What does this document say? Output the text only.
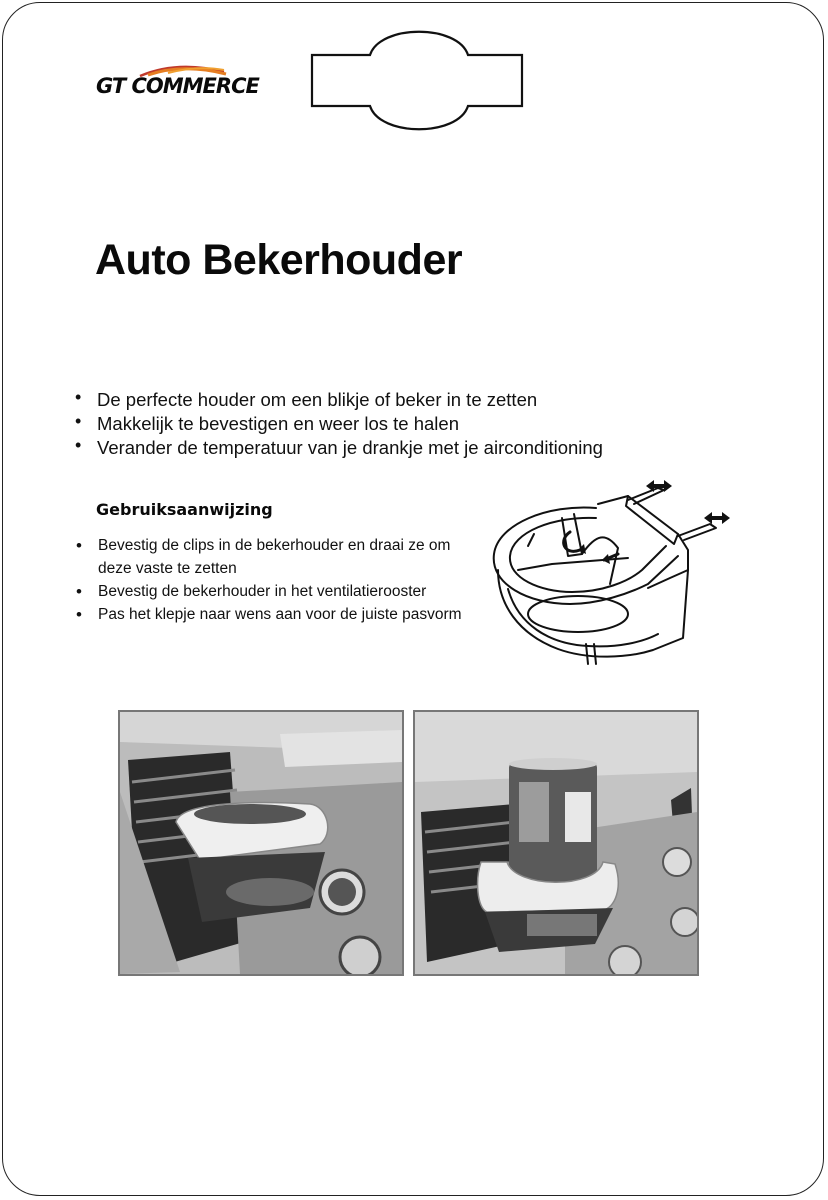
GT COMMERCE
Auto Bekerhouder
• De perfecte houder om een blikje of beker in te zetten
• Makkelijk te bevestigen en weer los te halen
• Verander de temperatuur van je drankje met je airconditioning
Gebruiksaanwijzing
• Bevestig de clips in de bekerhouder en draai ze om deze vaste te zetten
• Bevestig de bekerhouder in het ventilatierooster
• Pas het klepje naar wens aan voor de juiste pasvorm
